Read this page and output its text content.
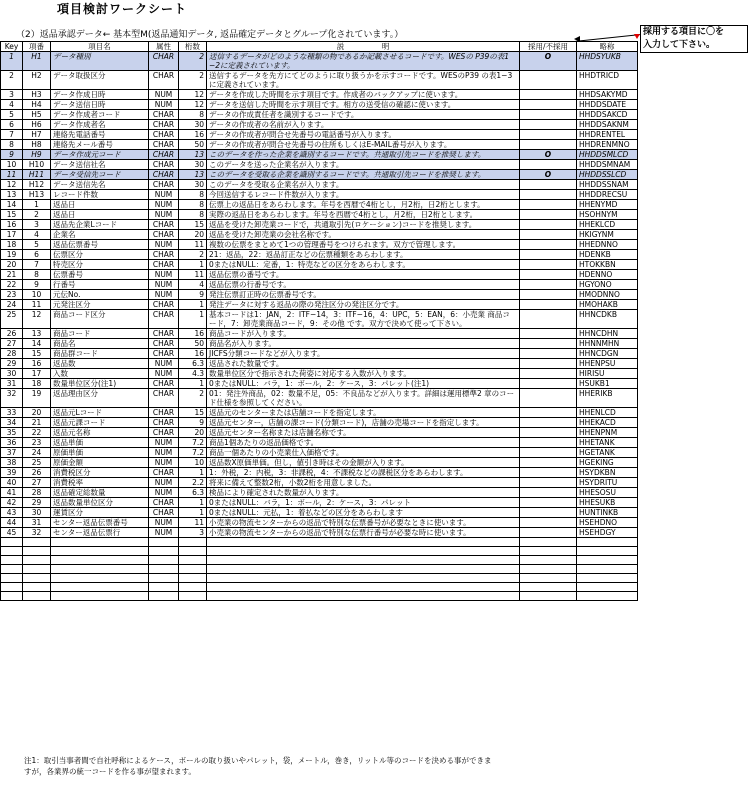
項目検討ワークシート
（2）返品承認データ← 基本型M(返品通知データ, 返品確定データとグループ化されています。）	採用する項目に〇を
入力して下さい。
Key	項番	項目名	属性	桁数	説　　　　　明	採用/不採用	略称
1	H1	データ種別	CHAR	2	送信するデータがどのような種類の物であるか記載させるコードです。WESの P39の表1−2に定義されています。	O	HHDSYUKB
2	H2	データ取扱区分	CHAR	2	送信するデータを先方にてどのように取り扱うかを示すコードです。WESのP39 の表1−3に定義されています。		HHDTRICD
3	H3	データ作成日時	NUM	12	データを作成した時間を示す項目です。作成者のバックアップに使います。		HHDSAKYMD
4	H4	データ送信日時	NUM	12	データを送信した時間を示す項目です。相方の送受信の確認に使います。		HHDDSDATE
5	H5	データ作成者コード	CHAR	8	データの作成責任者を識別するコードです。		HHDDSAKCD
6	H6	データ作成者名	CHAR	30	データの作成者の名前が入ります。		HHDDSAKNM
7	H7	連絡先電話番号	CHAR	16	データの作成者が問合せ先番号の電話番号が入ります。		HHDRENTEL
8	H8	連絡先メール番号	CHAR	50	データの作成者が問合せ先番号の住所もしくはE-MAIL番号が入ります。		HHDRENMNO
9	H9	データ作成元コード	CHAR	13	このデータを作った企業を識別するコードです。共通取引先コードを推奨します。	O	HHDDSMLCD
10	H10	データ送信社名	CHAR	30	このデータを送った企業名が入ります。		HHDDSMNAM
11	H11	データ受信先コード	CHAR	13	このデータを受取る企業を識別するコードです。共通取引先コードを推奨します。	O	HHDDSSLCD
12	H12	データ送信先名	CHAR	30	このデータを受取る企業名が入ります。		HHDDSSNAM
13	H13	レコード件数	NUM	8	今回送信するレコード件数が入ります。		HHDDRECSU
14	1	返品日	NUM	8	伝票上の返品日をあらわします。年号を西暦で4桁とし，月2桁，日2桁とします。		HHENYMD
15	2	返品日	NUM	8	実際の返品日をあらわします。年号を西暦で4桁とし，月2桁，日2桁とします。		HSOHNYM
16	3	返品先企業Lコード	CHAR	15	返品を受けた卸売業コードで，共通取引先(ロケーション)コードを推奨します。		HHEKLCD
17	4	企業名	CHAR	20	返品を受けた卸売業の会社名称です。		HKIGYNM
18	5	返品伝票番号	NUM	11	複数の伝票をまとめて1つの管理番号をつけられます。双方で管理します。		HHEDNNO
19	6	伝票区分	CHAR	2	21：返品，22：返品訂正などの伝票種類をあらわします。		HDENKB
20	7	特売区分	CHAR	1	0またはNULL：定番，1：特売などの区分をあらわします。		HTOKKBN
21	8	伝票番号	NUM	11	返品伝票の番号です。		HDENNO
22	9	行番号	NUM	4	返品伝票の行番号です。		HGYONO
23	10	元伝No.	NUM	9	発注伝票訂正時の伝票番号です。		HMODNNO
24	11	元発注区分	CHAR	1	発注データに対する返品の際の発注区分の発注区分です。		HMOHAKB
25	12	商品コード区分	CHAR	1	基本コードは1：JAN，2：ITF−14，3：ITF−16，4：UPC，5：EAN，6：小売業 商品コード，7：卸売業商品コード，9：その他 です。双方で決めて使って下さい。		HHNCDKB
26	13	商品コード	CHAR	16	商品コードが入ります。		HHNCDHN
27	14	商品名	CHAR	50	商品名が入ります。		HHNNMHN
28	15	商品群コード	CHAR	16	JICFS分類コードなどが入ります。		HHNCDGN
29	16	返品数	NUM	6.3	返品された数量です。		HHENPSU
30	17	入数	NUM	4.3	数量単位区分で指示された荷姿に対応する入数が入ります。		HIRISU
31	18	数量単位区分(注1)	CHAR	1	0またはNULL：バラ，1：ボール，2：ケース，3：パレット(注1)		HSUKB1
32	19	返品理由区分	CHAR	2	01：発注外商品，02：数量不足，05：不良品などが入ります。詳細は運用標準2 章のコード仕様を参照してください。		HHERIKB
33	20	返品元Lコード	CHAR	15	返品元のセンターまたは店舗コードを指定します。		HHENLCD
34	21	返品元課コード	CHAR	9	返品元センター，店舗の課コード(分類コード)，店舗の売場コードを指定します。		HHEKACD
35	22	返品元名称	CHAR	20	返品元センター名称または店舗名称です。		HHENPNM
36	23	返品単価	NUM	7.2	商品1個あたりの返品価格です。		HHETANK
37	24	原価単価	NUM	7.2	商品一個あたりの小売業仕入価格です。		HGETANK
38	25	原価金額	NUM	10	返品数X原価単価。但し，値引き時はその金額が入ります。		HGEKING
39	26	消費税区分	CHAR	1	1：外税，2：内税，3：非課税，4：不課税などの課税区分をあらわします。		HSYDKBN
40	27	消費税率	NUM	2.2	将来に備えて整数2桁，小数2桁を用意しました。		HSYDRITU
41	28	返品確定総数量	NUM	6.3	検品により確定された数量が入ります。		HHESOSU
42	29	返品数量単位区分	CHAR	1	0またはNULL：バラ，1：ボール，2：ケース，3：パレット		HHESUKB
43	30	運賃区分	CHAR	1	0またはNULL：元払，1：着払などの区分をあらわします		HUNTINKB
44	31	センター返品伝票番号	NUM	11	小売業の物流センターからの返品で特別な伝票番号が必要なときに使います。		HSEHDNO
45	32	センター返品伝票行	NUM	3	小売業の物流センターからの返品で特別な伝票行番号が必要な時に使います。		HSEHDGY

注1：取引当事者間で自社呼称によるケース，ボールの取り扱いやパレット，袋，メートル，巻き，リットル等のコードを決める事ができま
すが，各業界の統一コードを作る事が望まれます。
